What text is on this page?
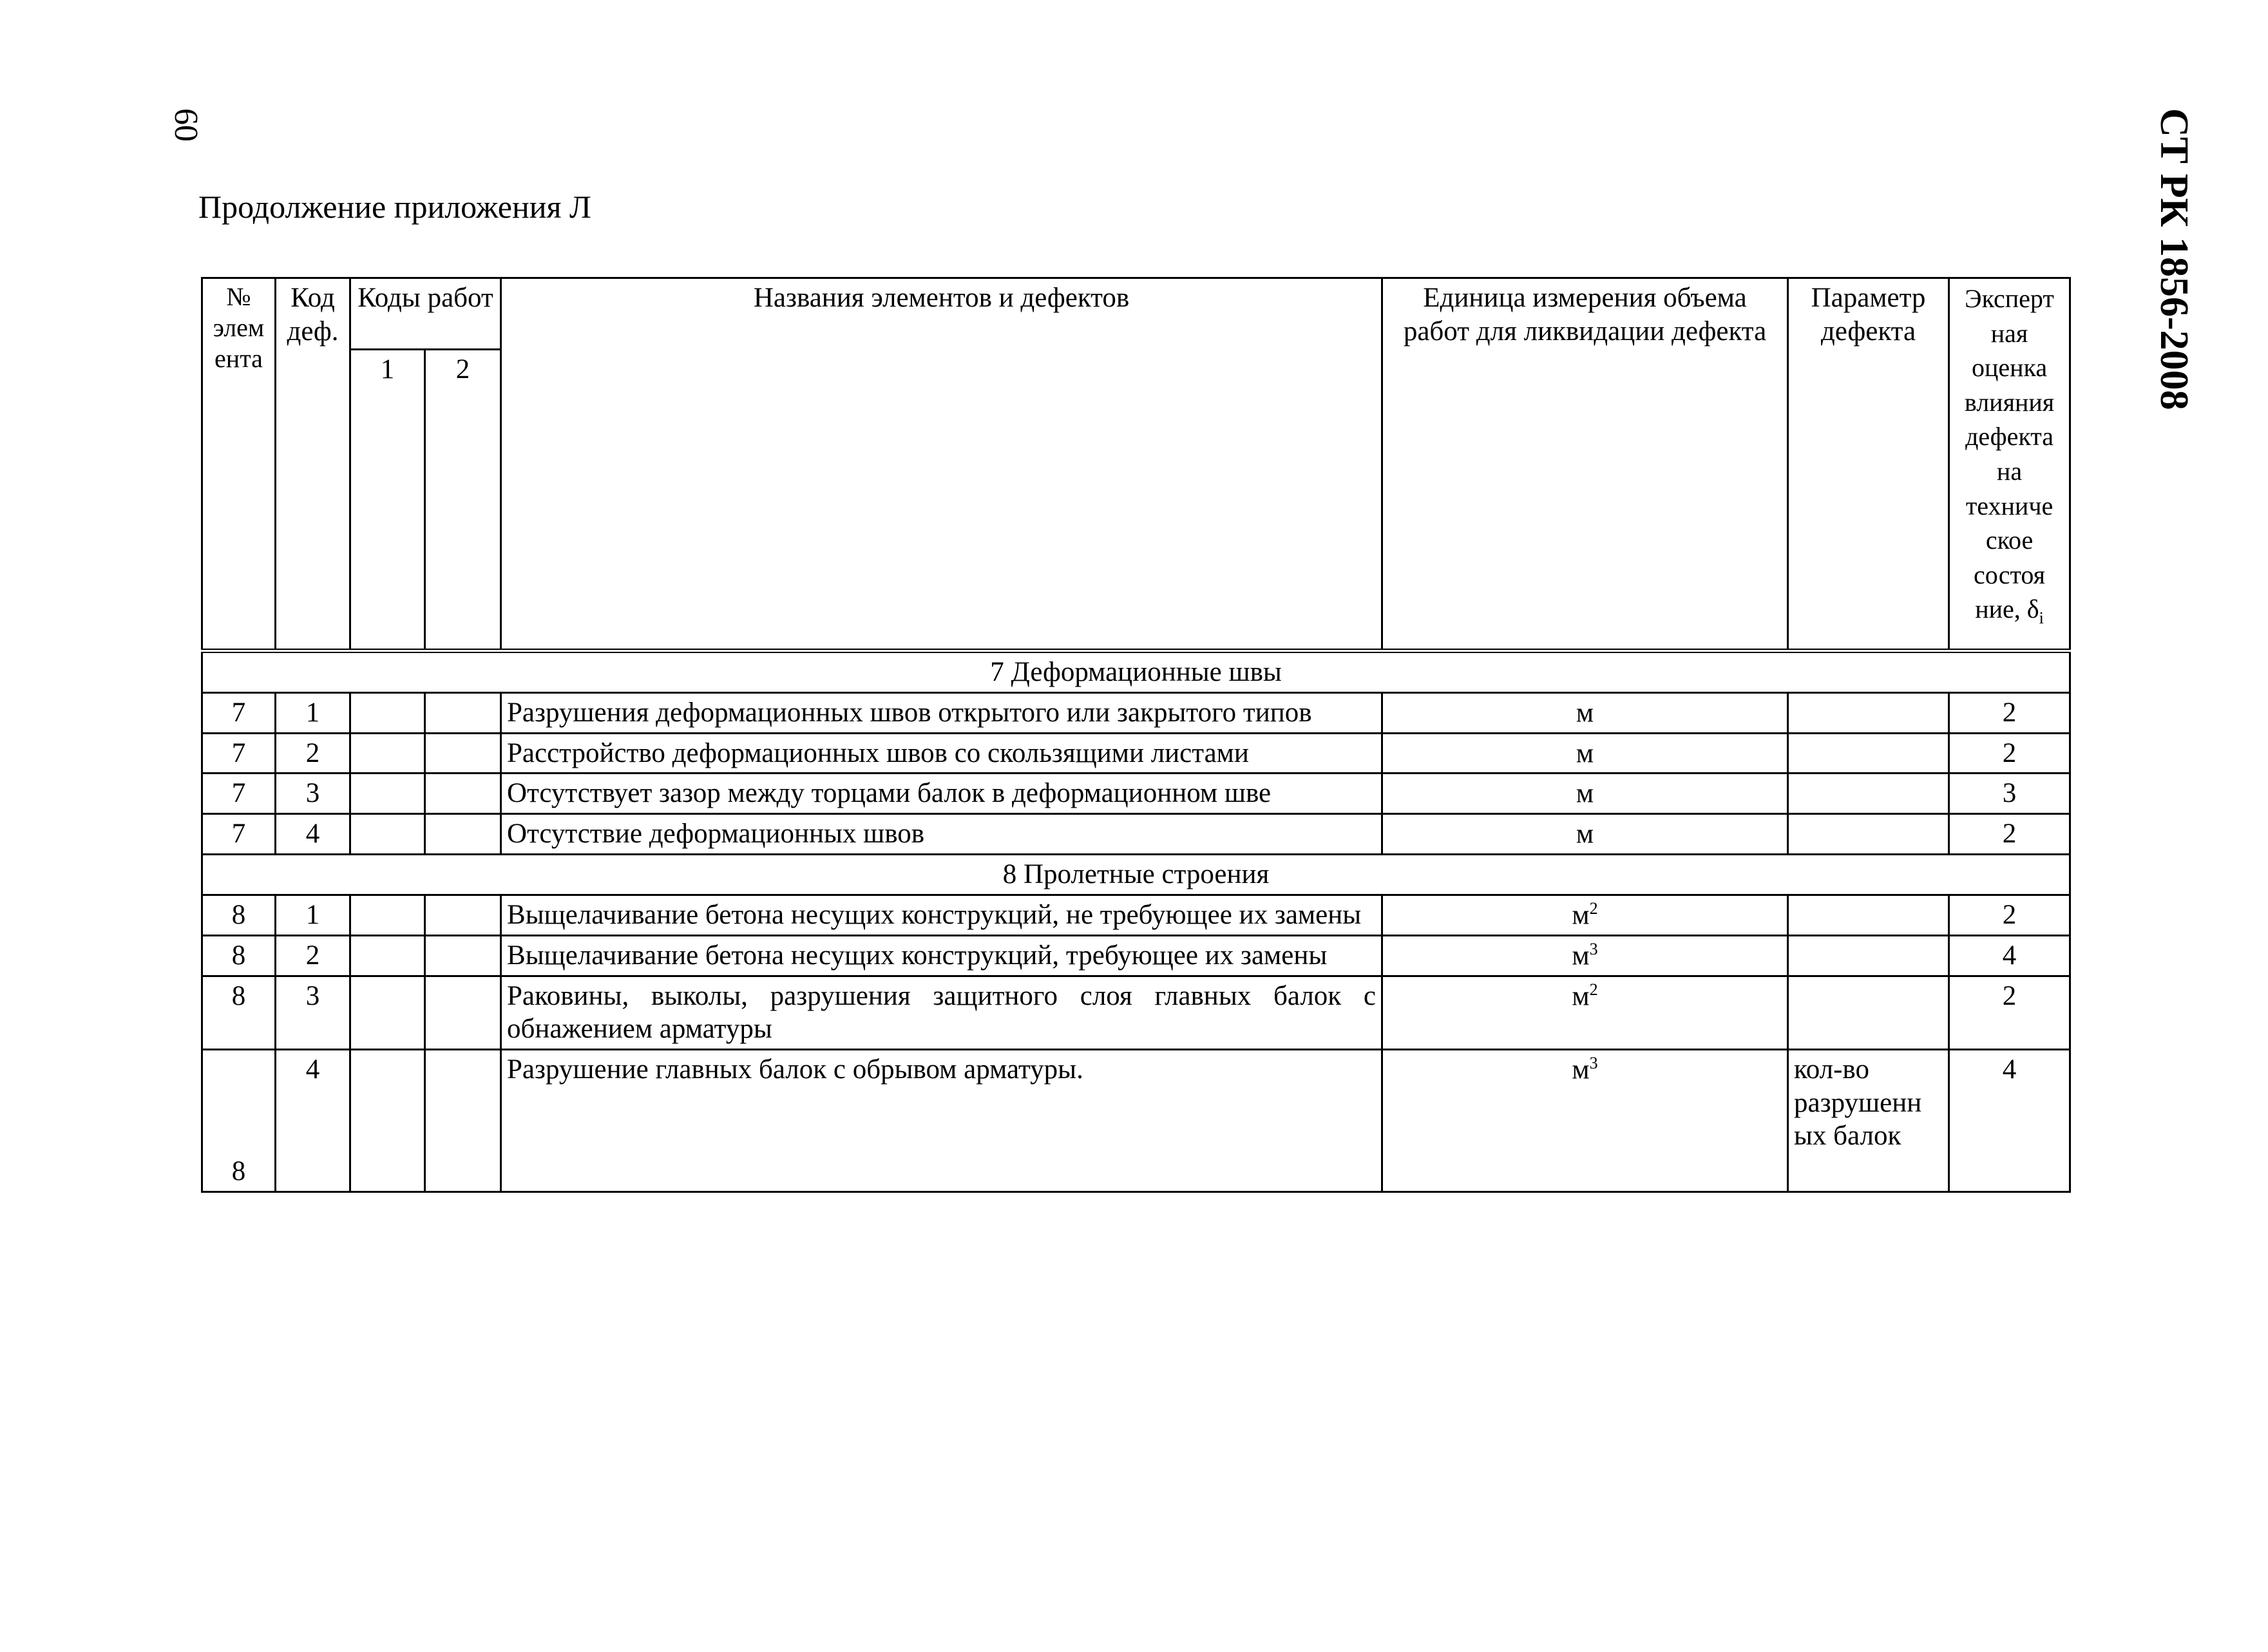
60	СТ РК 1856-2008
Продолжение приложения Л
№ элем ента	Код деф.	Коды работ		Названия элементов и дефектов	Единица измерения объема работ для ликвидации дефекта	Параметр дефекта	Эксперт ная оценка влияния дефекта на техниче ское состоя ние, $\delta_i$
		1	2				
7 Деформационные швы							
7	1			Разрушения деформационных швов открытого или закрытого типов	м		2
7	2			Расстройство деформационных швов со скользящими листами	м		2
7	3			Отсутствует зазор между торцами балок в деформационном шве	м		3
7	4			Отсутствие деформационных швов	м		2
8 Пролетные строения							
8	1			Выщелачивание бетона несущих конструкций, не требующее их замены	$м^2$		2
8	2			Выщелачивание бетона несущих конструкций, требующее их замены	$м^3$		4
8	3			Раковины, выколы, разрушения защитного слоя главных балок с обнажением арматуры	$м^2$		2
8	4			Разрушение главных балок с обрывом арматуры.	$м^3$	кол-во разрушенн ых балок	4
